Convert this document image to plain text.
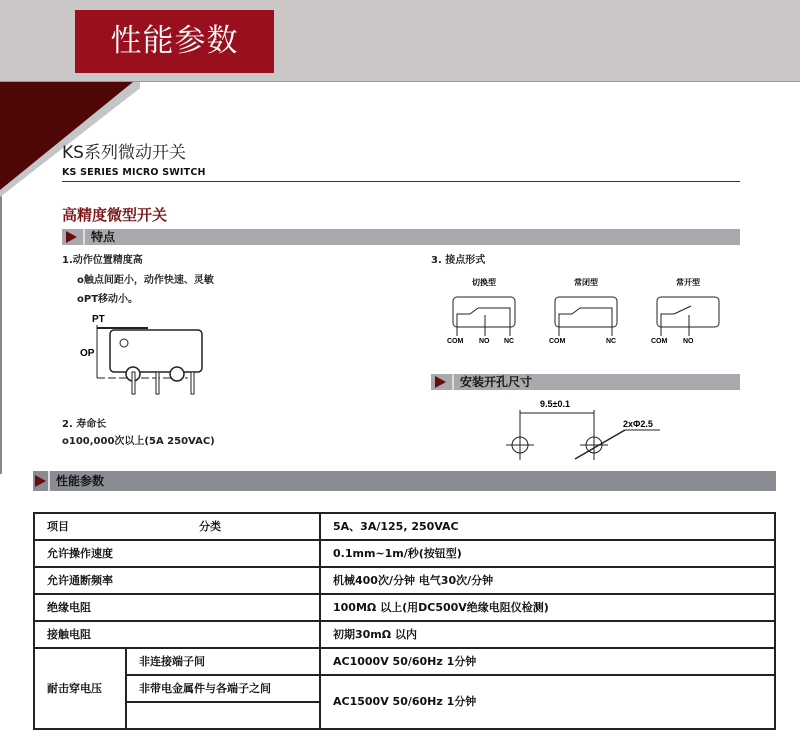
性能参数
KS系列微动开关
KS SERIES MICRO SWITCH
高精度微型开关
特点
1.动作位置精度高
o触点间距小，动作快速、灵敏
oPT移动小。
PT
OP
2. 寿命长
o100,000次以上(5A 250VAC)
3. 接点形式
切换型
COM NO NC
常闭型
COM	NC
常开型
COM NO
安装开孔尺寸
9.5±0.1
2xΦ2.5
性能参数
项目	分类	5A、3A/125, 250VAC
允许操作速度	0.1mm~1m/秒(按钮型)
允许通断频率	机械400次/分钟 电气30次/分钟
绝缘电阻	100MΩ 以上(用DC500V绝缘电阻仪检测)
接触电阻	初期30mΩ 以内
耐击穿电压	非连接端子间	AC1000V 50/60Hz 1分钟
非带电金属件与各端子之间	AC1500V 50/60Hz 1分钟
